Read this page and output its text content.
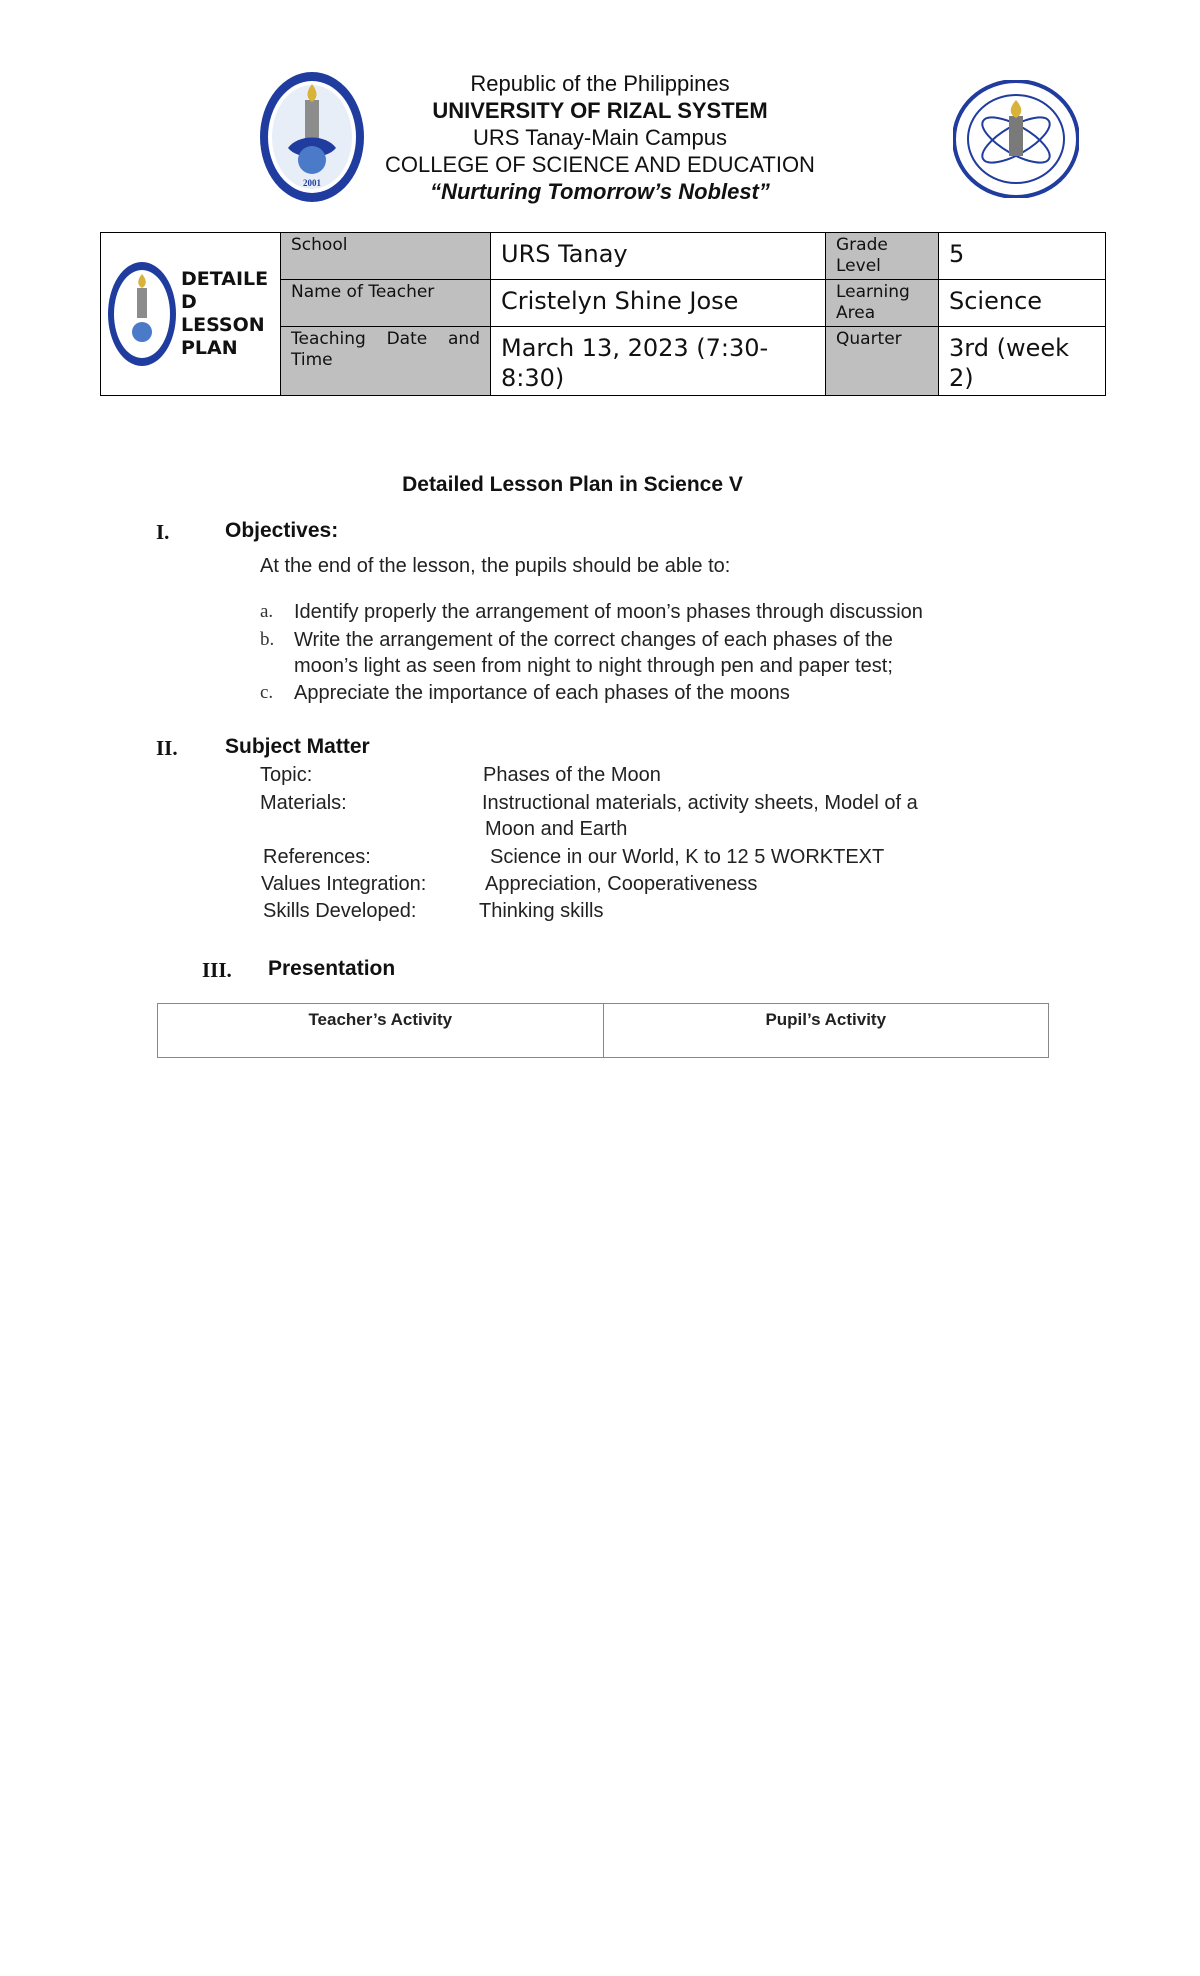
2001
Republic of the Philippines
UNIVERSITY OF RIZAL SYSTEM
URS Tanay-Main Campus
COLLEGE OF SCIENCE AND EDUCATION
“Nurturing Tomorrow’s Noblest”
DETAILE D LESSON PLAN	School	URS Tanay	Grade Level	5
	Name of Teacher	Cristelyn Shine Jose	Learning Area	Science
	Teaching Date and Time	March 13, 2023 (7:30- 8:30)	Quarter	3rd (week 2)
Detailed Lesson Plan in Science V
I.	Objectives:
At the end of the lesson, the pupils should be able to:
a. Identify properly the arrangement of moon’s phases through discussion
b. Write the arrangement of the correct changes of each phases of the
moon’s light as seen from night to night through pen and paper test;
c. Appreciate the importance of each phases of the moons
II. Subject Matter
Topic:	Phases of the Moon
Materials:	Instructional materials, activity sheets, Model of a
Moon and Earth
References:	Science in our World, K to 12 5 WORKTEXT
Values Integration:	Appreciation, Cooperativeness
Skills Developed:	Thinking skills
III. Presentation
Teacher’s Activity	Pupil’s Activity
